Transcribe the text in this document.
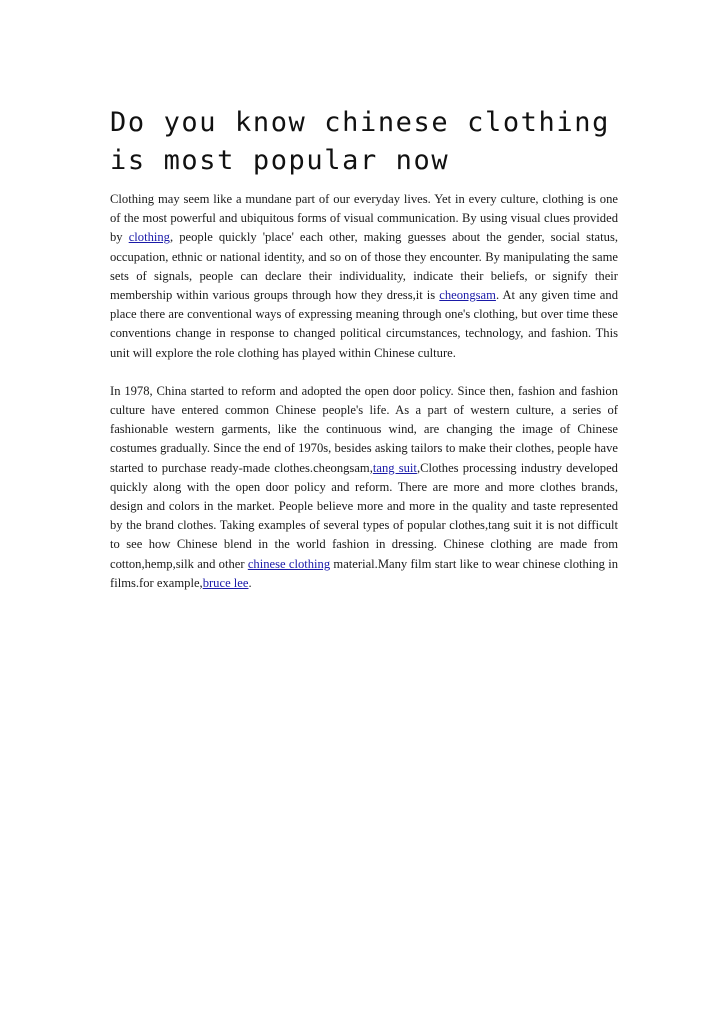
Do you know chinese clothing is most popular now

Clothing may seem like a mundane part of our everyday lives. Yet in every culture, clothing is one of the most powerful and ubiquitous forms of visual communication. By using visual clues provided by clothing, people quickly 'place' each other, making guesses about the gender, social status, occupation, ethnic or national identity, and so on of those they encounter. By manipulating the same sets of signals, people can declare their individuality, indicate their beliefs, or signify their membership within various groups through how they dress,it is cheongsam. At any given time and place there are conventional ways of expressing meaning through one's clothing, but over time these conventions change in response to changed political circumstances, technology, and fashion. This unit will explore the role clothing has played within Chinese culture.

In 1978, China started to reform and adopted the open door policy. Since then, fashion and fashion culture have entered common Chinese people's life. As a part of western culture, a series of fashionable western garments, like the continuous wind, are changing the image of Chinese costumes gradually. Since the end of 1970s, besides asking tailors to make their clothes, people have started to purchase ready-made clothes.cheongsam,tang suit,Clothes processing industry developed quickly along with the open door policy and reform. There are more and more clothes brands, design and colors in the market. People believe more and more in the quality and taste represented by the brand clothes. Taking examples of several types of popular clothes,tang suit it is not difficult to see how Chinese blend in the world fashion in dressing. Chinese clothing are made from cotton,hemp,silk and other chinese clothing material.Many film start like to wear chinese clothing in films.for example,bruce lee.
